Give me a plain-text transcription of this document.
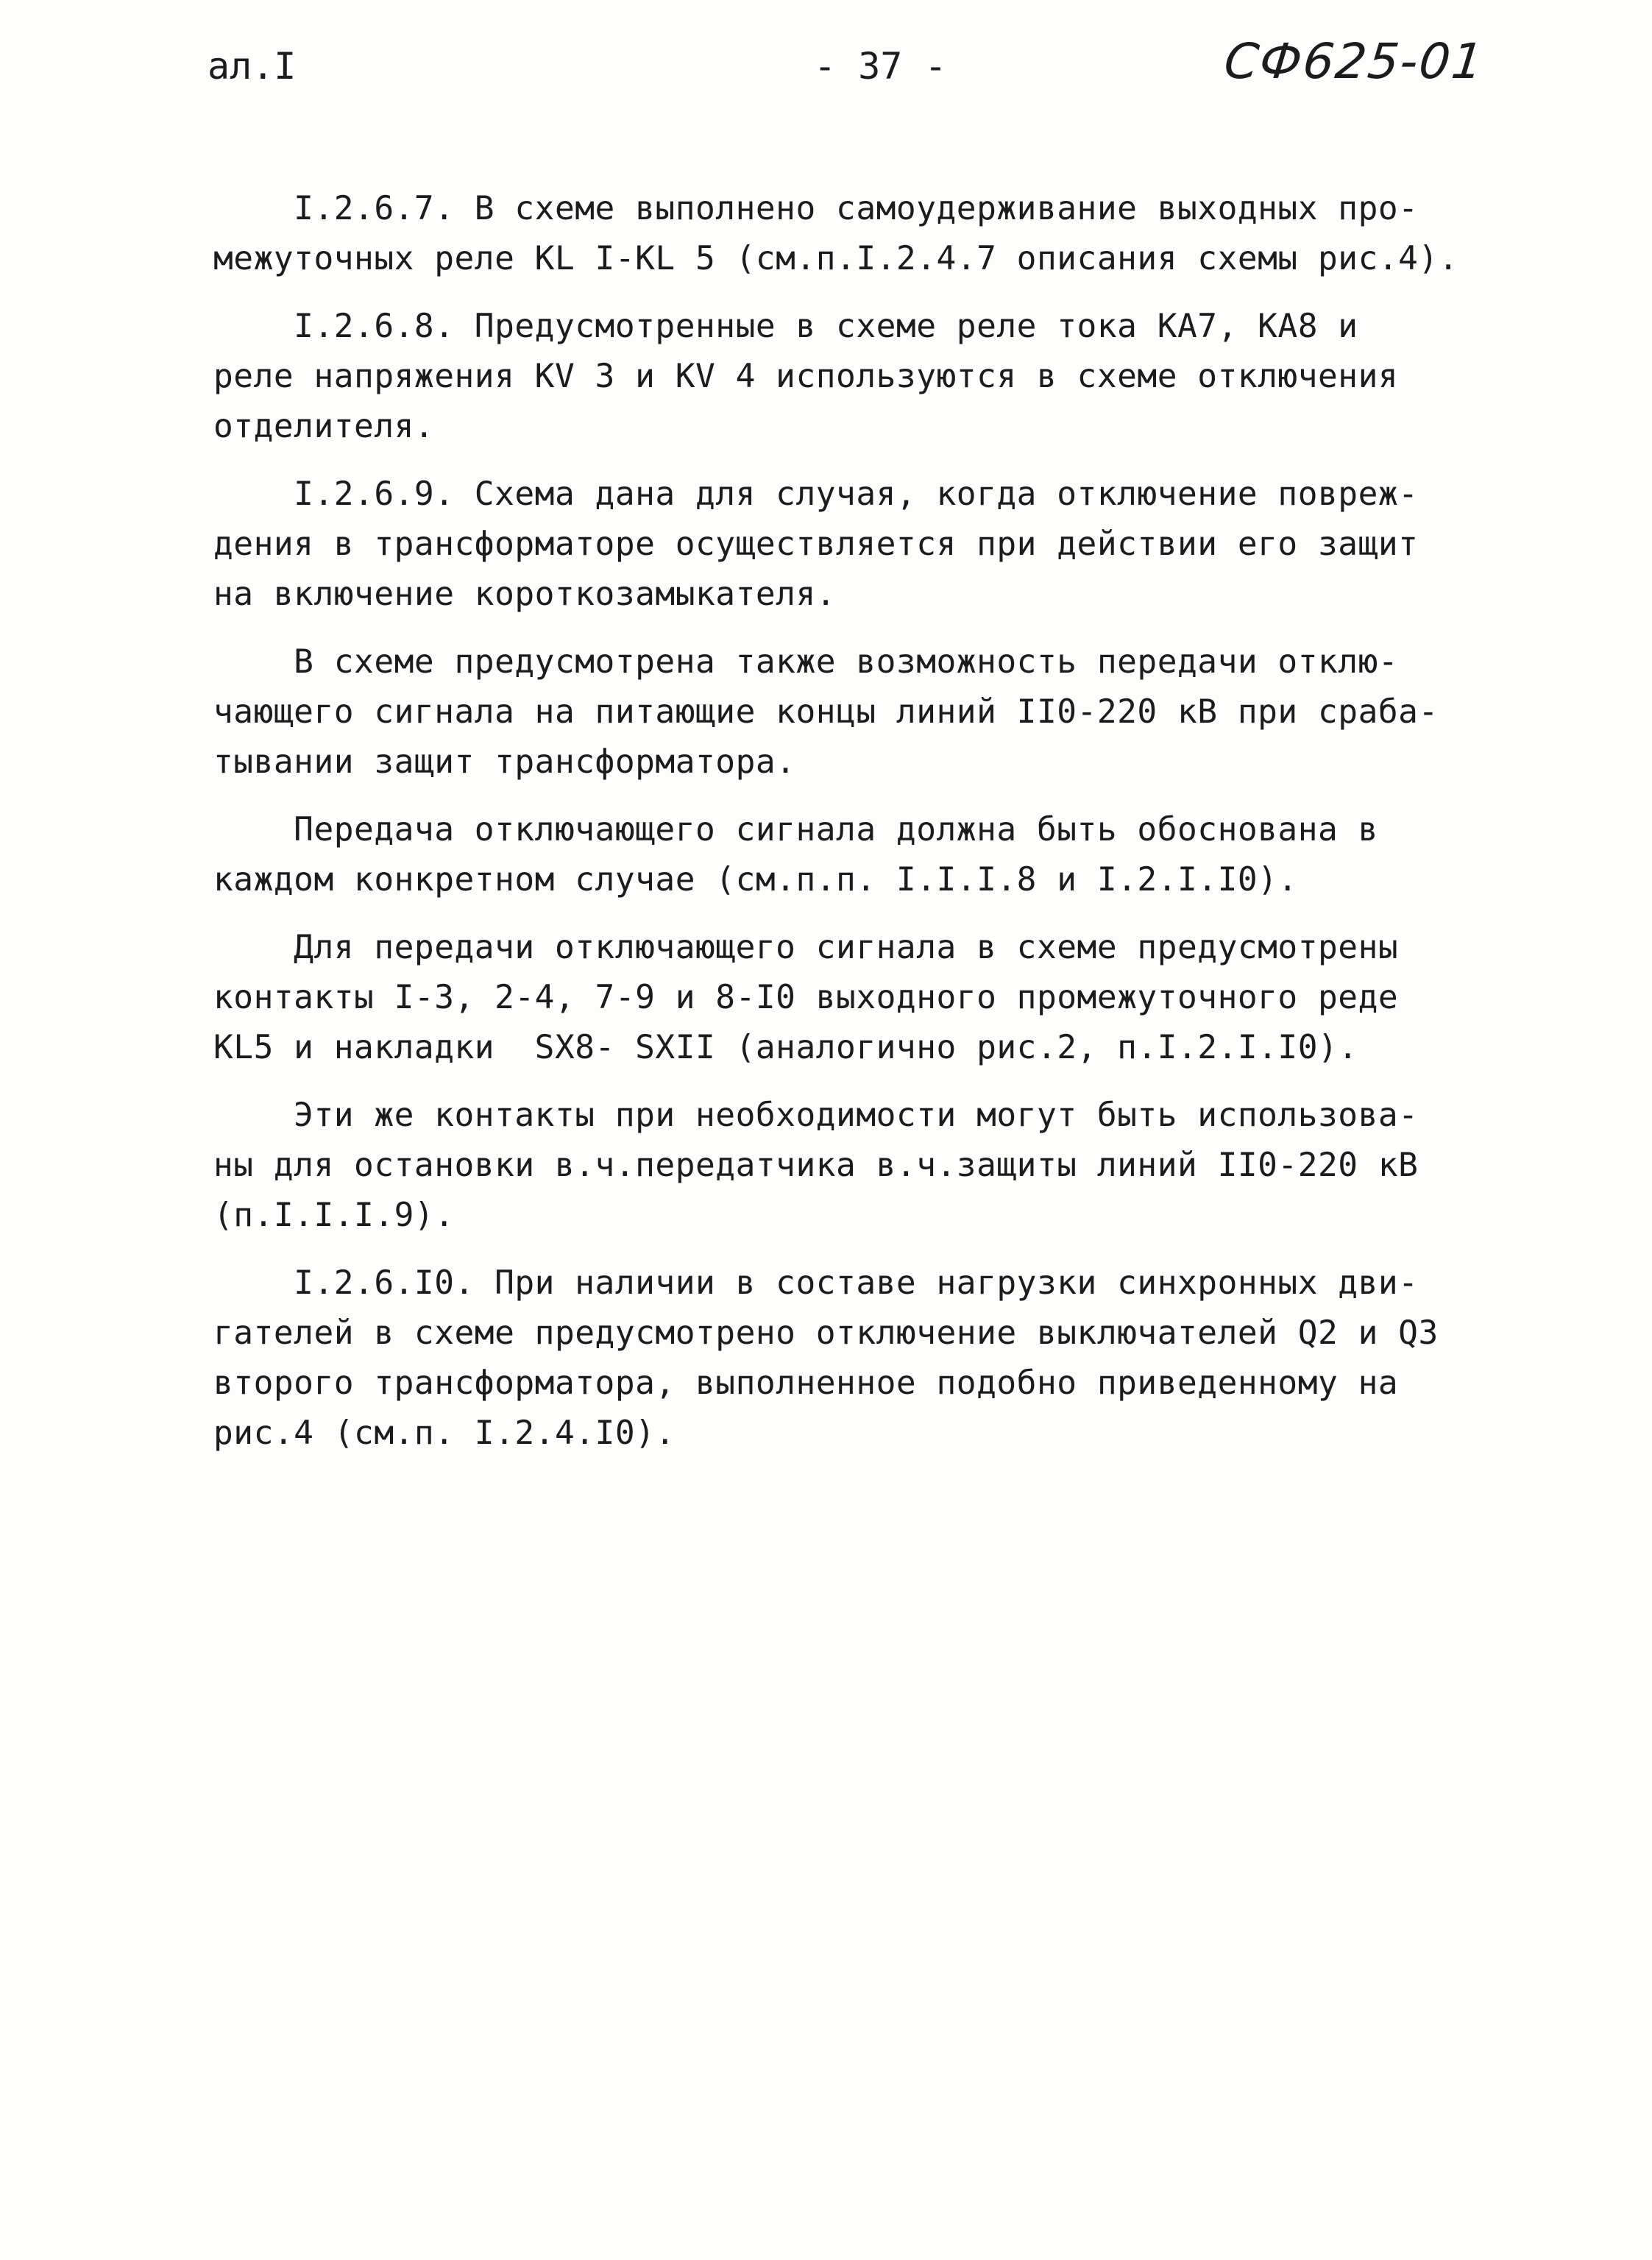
ал.I	- 37 -	СФ625-01
I.2.6.7. В схеме выполнено самоудерживание выходных про-
межуточных реле KL I-KL 5 (см.п.I.2.4.7 описания схемы рис.4).
I.2.6.8. Предусмотренные в схеме реле тока КА7, КА8 и
реле напряжения KV 3 и KV 4 используются в схеме отключения
отделителя.
I.2.6.9. Схема дана для случая, когда отключение повреж-
дения в трансформаторе осуществляется при действии его защит
на включение короткозамыкателя.
В схеме предусмотрена также возможность передачи отклю-
чающего сигнала на питающие концы линий II0-220 кВ при сраба-
тывании защит трансформатора.
Передача отключающего сигнала должна быть обоснована в
каждом конкретном случае (см.п.п. I.I.I.8 и I.2.I.I0).
Для передачи отключающего сигнала в схеме предусмотрены
контакты I-3, 2-4, 7-9 и 8-I0 выходного промежуточного реде
KL5 и накладки  SX8- SXII (аналогично рис.2, п.I.2.I.I0).
Эти же контакты при необходимости могут быть использова-
ны для остановки в.ч.передатчика в.ч.защиты линий II0-220 кВ
(п.I.I.I.9).
I.2.6.I0. При наличии в составе нагрузки синхронных дви-
гателей в схеме предусмотрено отключение выключателей Q2 и Q3
второго трансформатора, выполненное подобно приведенному на
рис.4 (см.п. I.2.4.I0).
